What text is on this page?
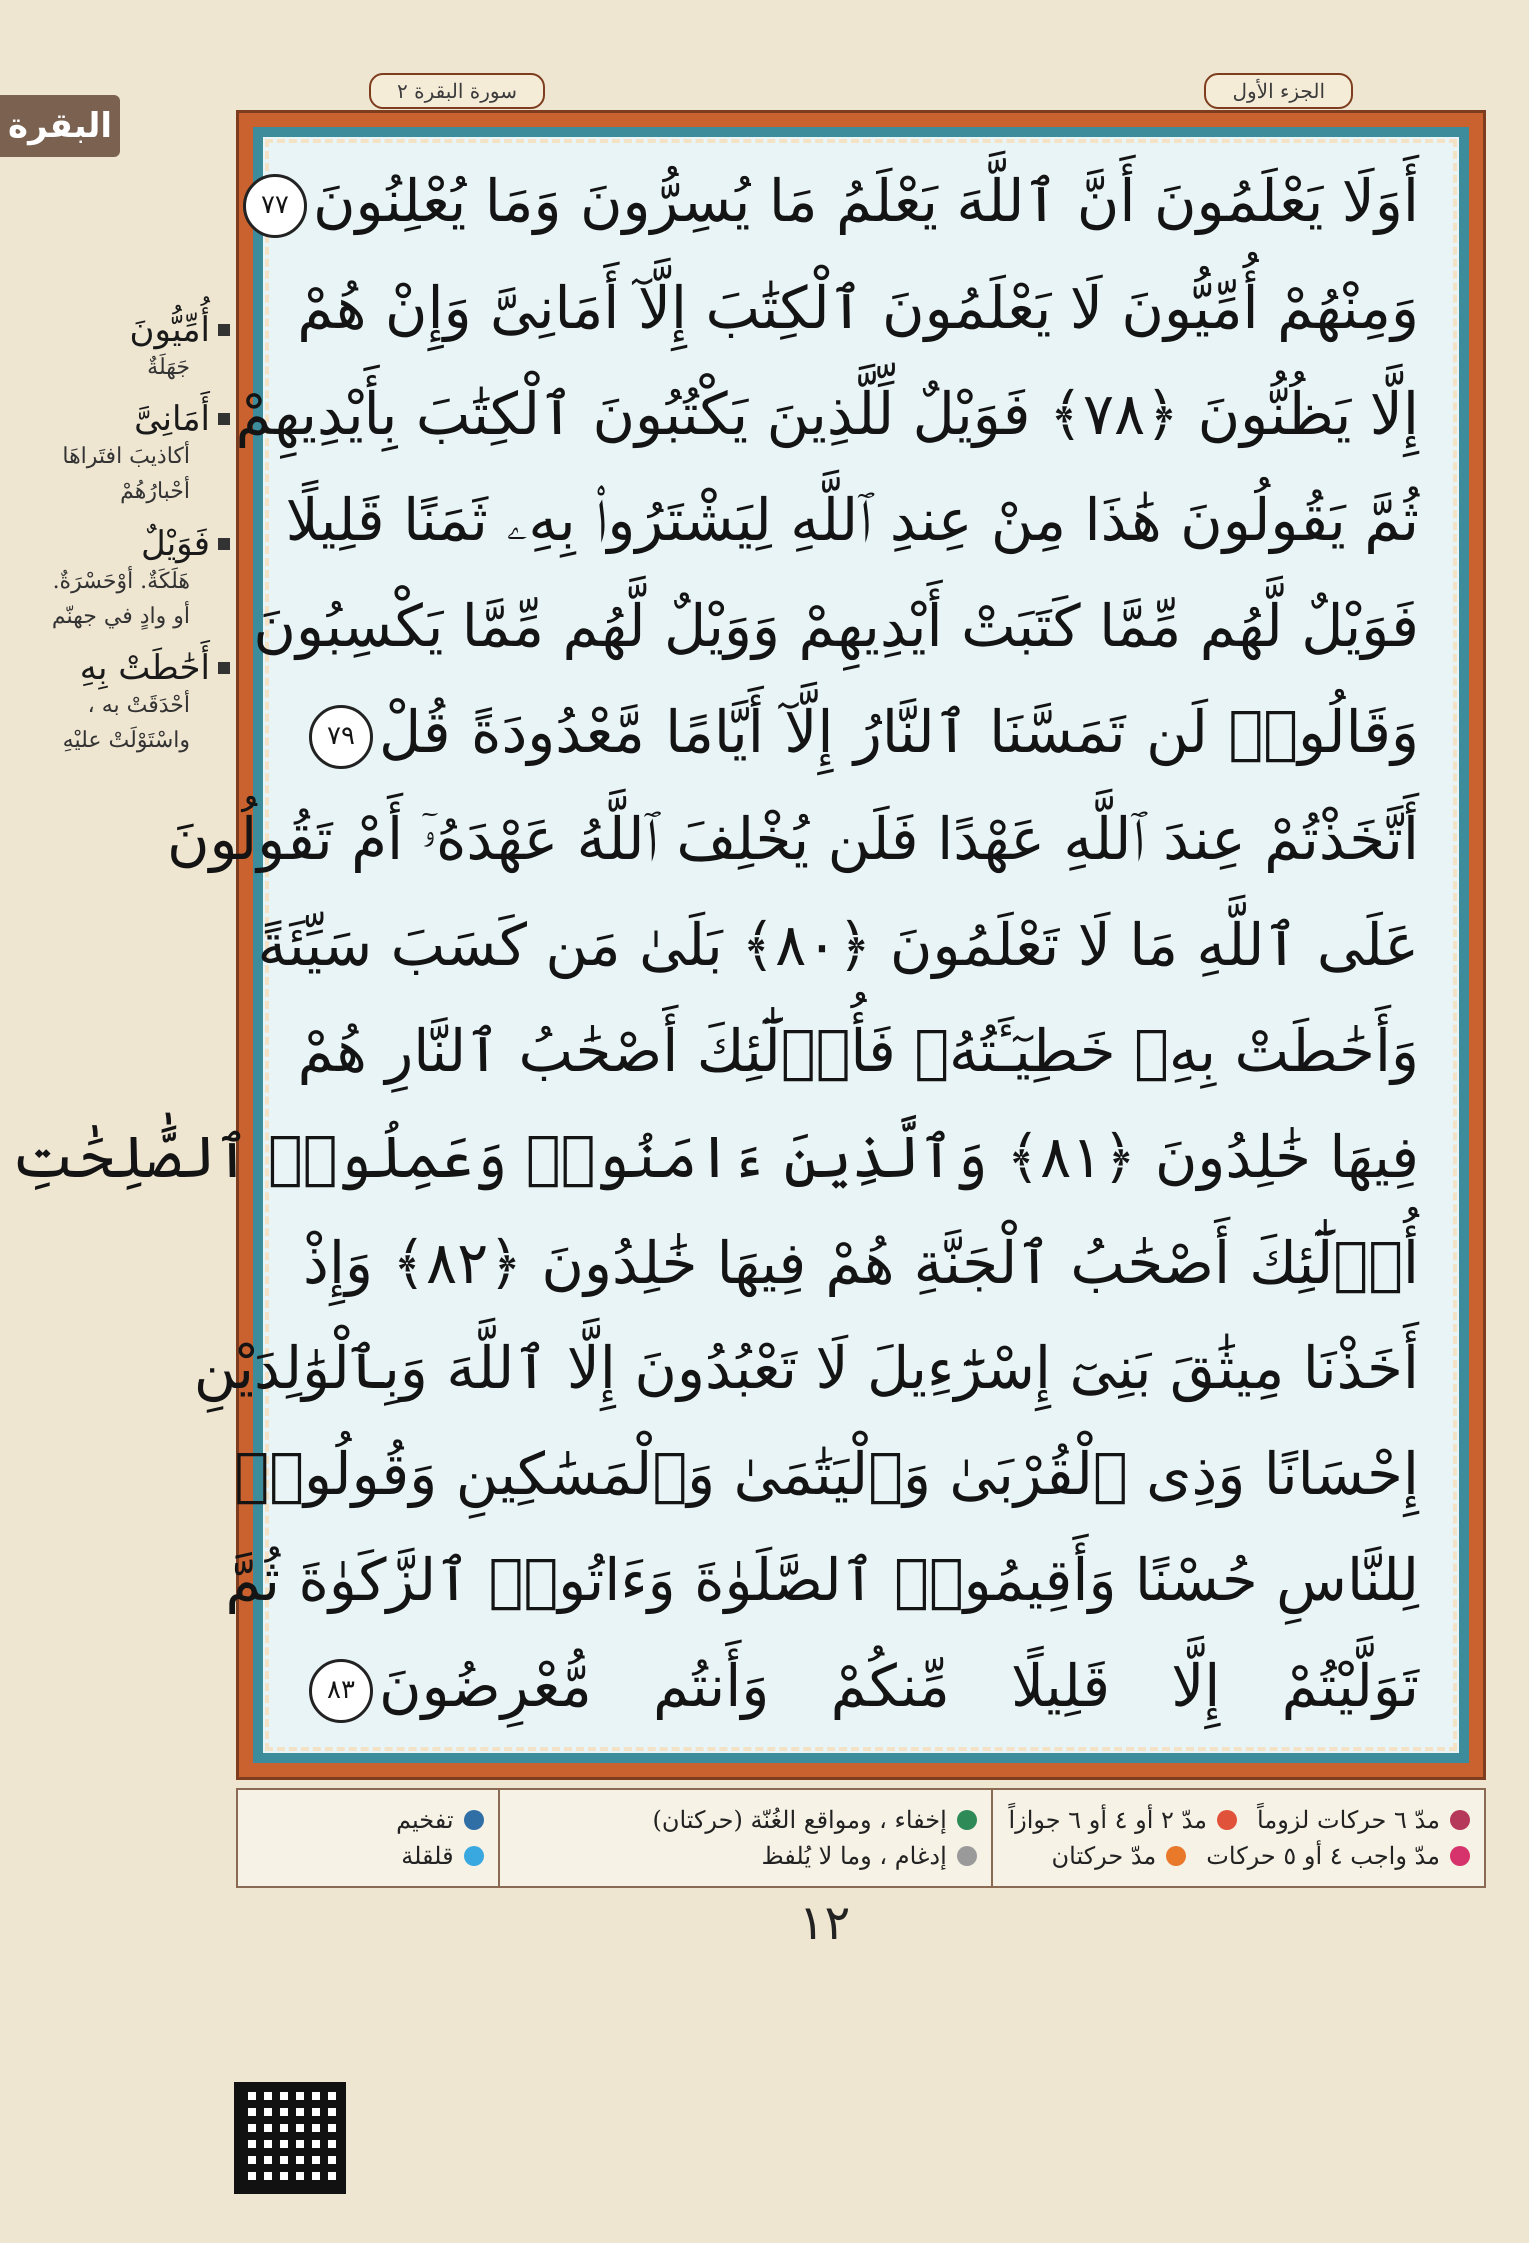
البقرة
أُمِّيُّونَ
جَهَلَةٌ
أَمَانِىَّ
أكاذيبَ افتَراهَا
أحْبارُهُمْ
فَوَيْلٌ
هَلَكَةٌ. أوْحَسْرَةٌ.
أو وادٍ في جهنّم
أَحَٰطَتْ بِهِ
أحْدَقَتْ به ،
واسْتَوْلَتْ عليْهِ
سورة البقرة ٢	الجزء الأول
أَوَلَا يَعْلَمُونَ أَنَّ ٱللَّهَ يَعْلَمُ مَا يُسِرُّونَ وَمَا يُعْلِنُونَ٧٧
وَمِنْهُمْ أُمِّيُّونَ لَا يَعْلَمُونَ ٱلْكِتَٰبَ إِلَّآ أَمَانِىَّ وَإِنْ هُمْ
إِلَّا يَظُنُّونَ ﴿٧٨﴾ فَوَيْلٌ لِّلَّذِينَ يَكْتُبُونَ ٱلْكِتَٰبَ بِأَيْدِيهِمْ
ثُمَّ يَقُولُونَ هَٰذَا مِنْ عِندِ ٱللَّهِ لِيَشْتَرُوا۟ بِهِۦ ثَمَنًا قَلِيلًا
فَوَيْلٌ لَّهُم مِّمَّا كَتَبَتْ أَيْدِيهِمْ وَوَيْلٌ لَّهُم مِّمَّا يَكْسِبُونَ
وَقَالُوا۟ لَن تَمَسَّنَا ٱلنَّارُ إِلَّآ أَيَّامًا مَّعْدُودَةً قُلْ٧٩
أَتَّخَذْتُمْ عِندَ ٱللَّهِ عَهْدًا فَلَن يُخْلِفَ ٱللَّهُ عَهْدَهُۥٓ أَمْ تَقُولُونَ
عَلَى ٱللَّهِ مَا لَا تَعْلَمُونَ ﴿٨٠﴾ بَلَىٰ مَن كَسَبَ سَيِّئَةً
وَأَحَٰطَتْ بِهِۦ خَطِيٓـَٔتُهُۥ فَأُو۟لَٰٓئِكَ أَصْحَٰبُ ٱلنَّارِ هُمْ
فِيهَا خَٰلِدُونَ ﴿٨١﴾ وَٱلَّذِينَ ءَامَنُوا۟ وَعَمِلُوا۟ ٱلصَّٰلِحَٰتِ
أُو۟لَٰٓئِكَ أَصْحَٰبُ ٱلْجَنَّةِ هُمْ فِيهَا خَٰلِدُونَ ﴿٨٢﴾ وَإِذْ
أَخَذْنَا مِيثَٰقَ بَنِىٓ إِسْرَٰٓءِيلَ لَا تَعْبُدُونَ إِلَّا ٱللَّهَ وَبِٱلْوَٰلِدَيْنِ
إِحْسَانًا وَذِى ٱلْقُرْبَىٰ وَٱلْيَتَٰمَىٰ وَٱلْمَسَٰكِينِ وَقُولُوا۟
لِلنَّاسِ حُسْنًا وَأَقِيمُوا۟ ٱلصَّلَوٰةَ وَءَاتُوا۟ ٱلزَّكَوٰةَ ثُمَّ
تَوَلَّيْتُمْ إِلَّا قَلِيلًا مِّنكُمْ وَأَنتُم مُّعْرِضُونَ٨٣
مدّ ٦ حركات لزوماً
مدّ ٢ أو ٤ أو ٦ جوازاً
مدّ واجب ٤ أو ٥ حركات
مدّ حركتان
إخفاء ، ومواقع الغُنّة (حركتان)
إدغام ، وما لا يُلفظ
تفخيم
قلقلة
١٢
